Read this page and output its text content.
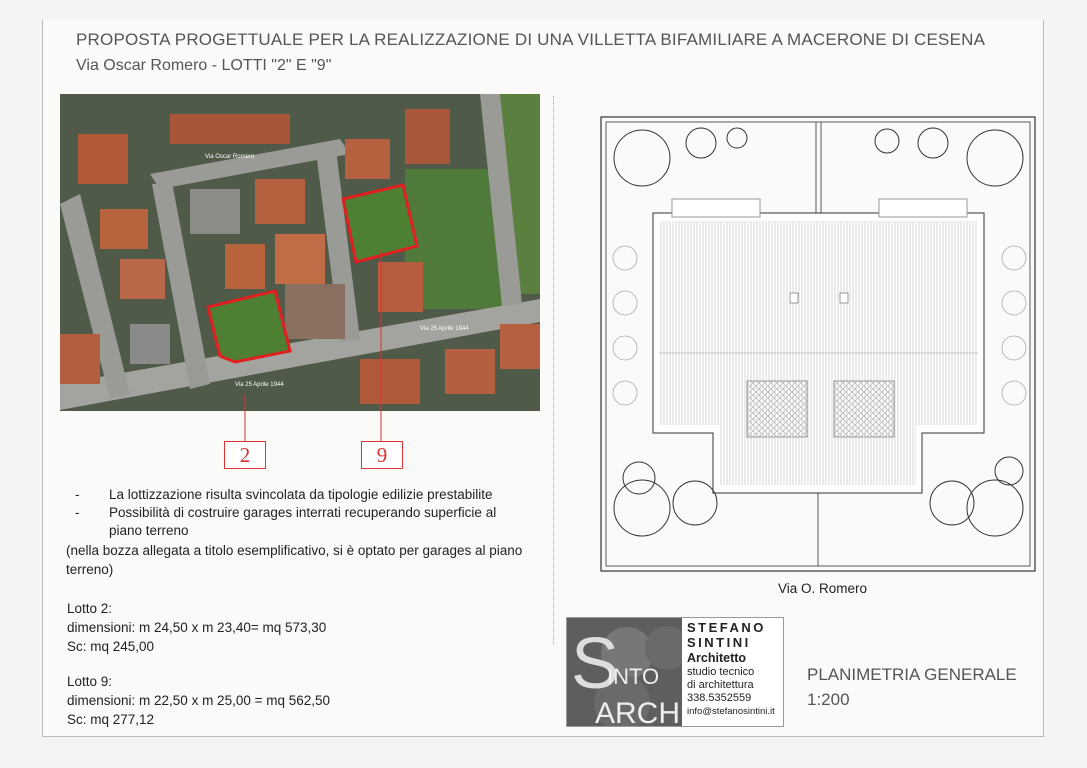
PROPOSTA PROGETTUALE PER LA REALIZZAZIONE DI UNA VILLETTA BIFAMILIARE A MACERONE DI CESENA
Via Oscar Romero - LOTTI "2" E "9"
Via Oscar Romero
Via 25 Aprile 1944
Via 25 Aprile 1944
2	9
-	La lottizzazione risulta svincolata da tipologie edilizie prestabilite
-	Possibilità di costruire garages interrati recuperando superficie al piano terreno
(nella bozza allegata a titolo esemplificativo, si è optato per garages al piano terreno)
Lotto 2:
dimensioni: m 24,50 x m 23,40= mq 573,30
Sc: mq 245,00
Lotto 9:
dimensioni: m 22,50 x m 25,00 = mq 562,50
Sc: mq 277,12
Via O. Romero
S
INTO
ARCH
STEFANO
SINTINI
Architetto
studio tecnico
di architettura
338.5352559
info@stefanosintini.it
PLANIMETRIA GENERALE
1:200
